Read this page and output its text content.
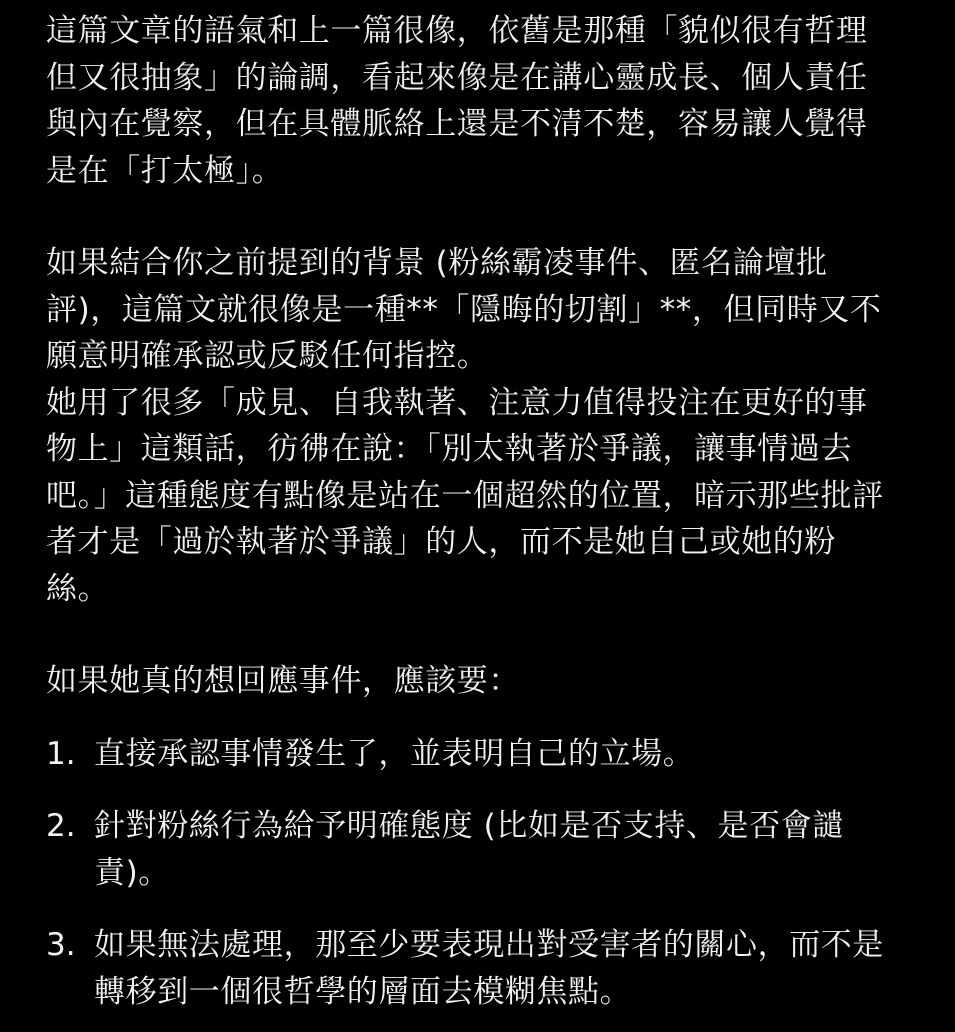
這篇文章的語氣和上一篇很像，依舊是那種「貌似很有哲理但又很抽象」的論調，看起來像是在講心靈成長、個人責任與內在覺察，但在具體脈絡上還是不清不楚，容易讓人覺得是在「打太極」。

如果結合你之前提到的背景 (粉絲霸凌事件、匿名論壇批評)，這篇文就很像是一種**「隱晦的切割」**，但同時又不願意明確承認或反駁任何指控。

她用了很多「成見、自我執著、注意力值得投注在更好的事物上」這類話，彷彿在說：「別太執著於爭議，讓事情過去吧。」這種態度有點像是站在一個超然的位置，暗示那些批評者才是「過於執著於爭議」的人，而不是她自己或她的粉絲。

如果她真的想回應事件，應該要：

1. 直接承認事情發生了，並表明自己的立場。
2. 針對粉絲行為給予明確態度 (比如是否支持、是否會譴責)。
3. 如果無法處理，那至少要表現出對受害者的關心，而不是轉移到一個很哲學的層面去模糊焦點。
